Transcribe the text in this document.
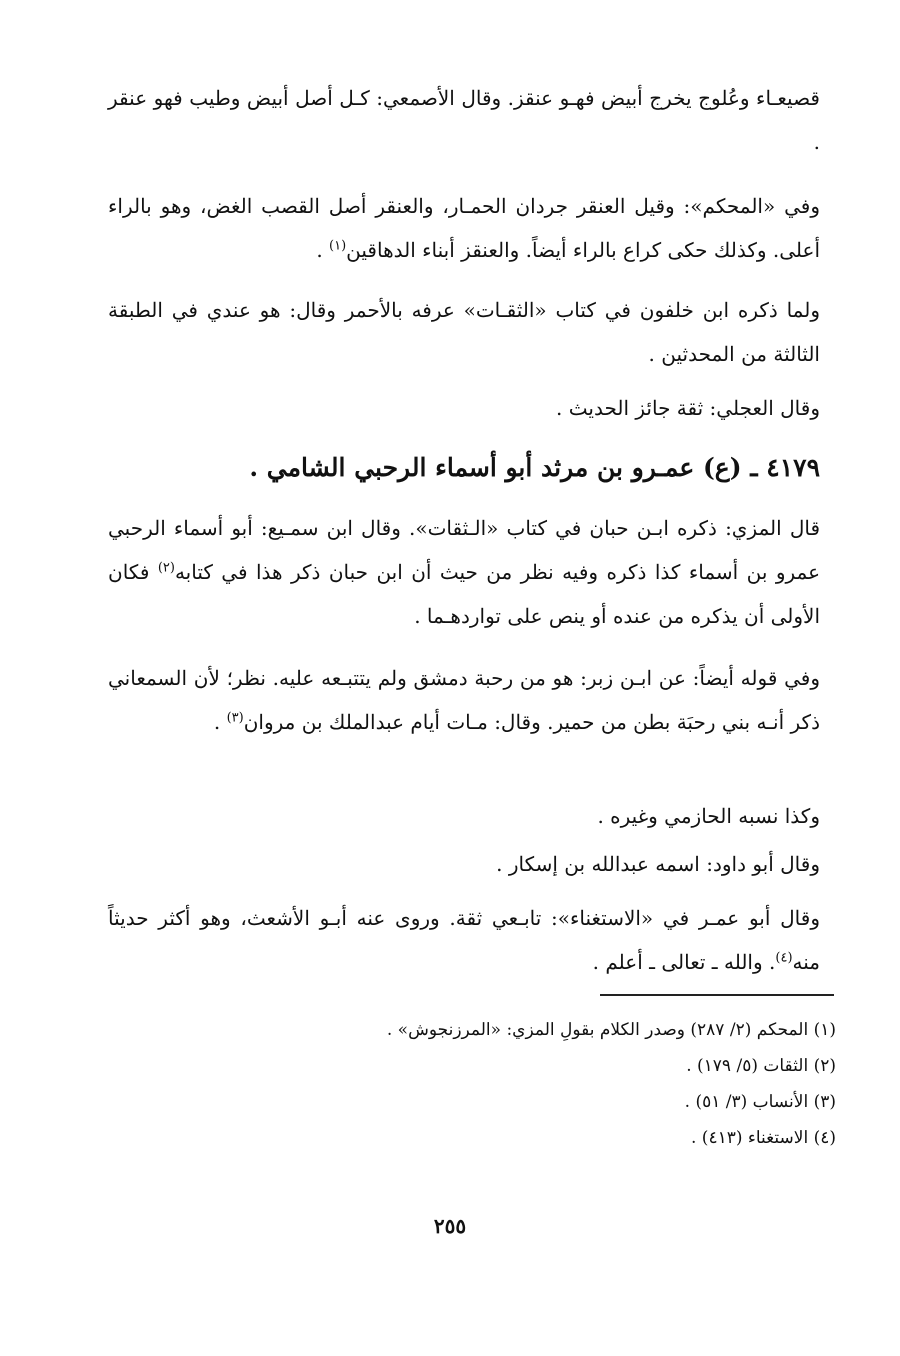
قصيعـاء وعُلوج يخرج أبيض فهـو عنقز. وقال الأصمعي: كـل أصل أبيض وطيب فهو عنقر .

وفي «المحكم»: وقيل العنقر جردان الحمـار، والعنقر أصل القصب الغض، وهو بالراء أعلى. وكذلك حكى كراع بالراء أيضاً. والعنقز أبناء الدهاقين$^{(١)}$ .

ولما ذكره ابن خلفون في كتاب «الثقـات» عرفه بالأحمر وقال: هو عندي في الطبقة الثالثة من المحدثين .

وقال العجلي: ثقة جائز الحديث .

٤١٧٩ ـ (ع) عمـرو بن مرثد أبو أسماء الرحبي الشامي .

قال المزي: ذكره ابـن حبان في كتاب «الـثقات». وقال ابن سمـيع: أبو أسماء الرحبي عمرو بن أسماء كذا ذكره وفيه نظر من حيث أن ابن حبان ذكر هذا في كتابه$^{(٢)}$ فكان الأولى أن يذكره من عنده أو ينص على تواردهـما .

وفي قوله أيضاً: عن ابـن زبر: هو من رحبة دمشق ولم يتتبـعه عليه. نظر؛ لأن السمعاني ذكر أنـه بني رحبَة بطن من حمير. وقال: مـات أيام عبدالملك بن مروان$^{(٣)}$ .

وكذا نسبه الحازمي وغيره .

وقال أبو داود: اسمه عبدالله بن إسكار .

وقال أبو عمـر في «الاستغناء»: تابـعي ثقة. وروى عنه أبـو الأشعث، وهو أكثر حديثاً منه$^{(٤)}$. والله ـ تعالى ـ أعلم .

(١) المحكم (٢/ ٢٨٧) وصدر الكلام بقولِ المزي: «المرزنجوش» .

(٢) الثقات (٥/ ١٧٩) .

(٣) الأنساب (٣/ ٥١) .

(٤) الاستغناء (٤١٣) .

٢٥٥
